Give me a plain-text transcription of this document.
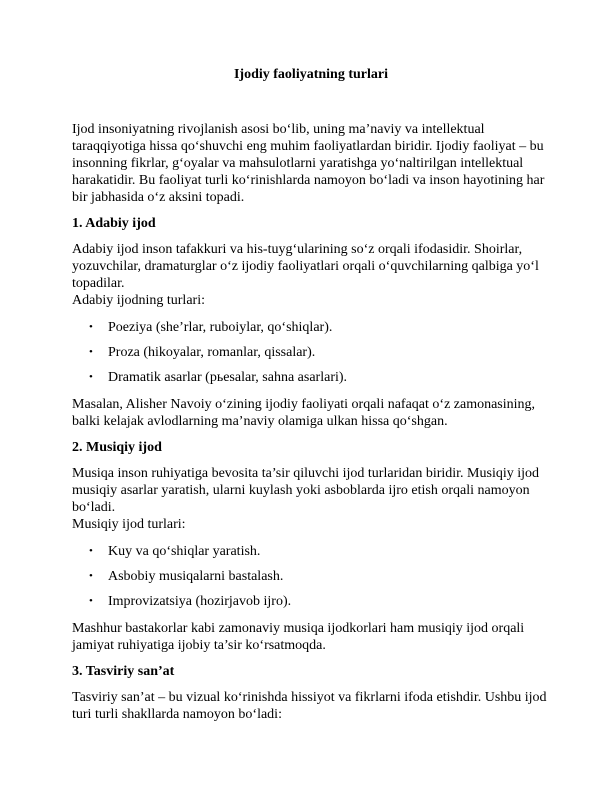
Ijodiy faoliyatning turlari

Ijod insoniyatning rivojlanish asosi bo‘lib, uning ma’naviy va intellektual taraqqiyotiga hissa qo‘shuvchi eng muhim faoliyatlardan biridir. Ijodiy faoliyat – bu insonning fikrlar, g‘oyalar va mahsulotlarni yaratishga yo‘naltirilgan intellektual harakatidir. Bu faoliyat turli ko‘rinishlarda namoyon bo‘ladi va inson hayotining har bir jabhasida o‘z aksini topadi.

1. Adabiy ijod

Adabiy ijod inson tafakkuri va his-tuyg‘ularining so‘z orqali ifodasidir. Shoirlar, yozuvchilar, dramaturglar o‘z ijodiy faoliyatlari orqali o‘quvchilarning qalbiga yo‘l topadilar.
Adabiy ijodning turlari:

• Poeziya (she’rlar, ruboiylar, qo‘shiqlar).
• Proza (hikoyalar, romanlar, qissalar).
• Dramatik asarlar (pьesalar, sahna asarlari).

Masalan, Alisher Navoiy o‘zining ijodiy faoliyati orqali nafaqat o‘z zamonasining, balki kelajak avlodlarning ma’naviy olamiga ulkan hissa qo‘shgan.

2. Musiqiy ijod

Musiqa inson ruhiyatiga bevosita ta’sir qiluvchi ijod turlaridan biridir. Musiqiy ijod musiqiy asarlar yaratish, ularni kuylash yoki asboblarda ijro etish orqali namoyon bo‘ladi.
Musiqiy ijod turlari:

• Kuy va qo‘shiqlar yaratish.
• Asbobiy musiqalarni bastalash.
• Improvizatsiya (hozirjavob ijro).

Mashhur bastakorlar kabi zamonaviy musiqa ijodkorlari ham musiqiy ijod orqali jamiyat ruhiyatiga ijobiy ta’sir ko‘rsatmoqda.

3. Tasviriy san’at

Tasviriy san’at – bu vizual ko‘rinishda hissiyot va fikrlarni ifoda etishdir. Ushbu ijod turi turli shakllarda namoyon bo‘ladi:
